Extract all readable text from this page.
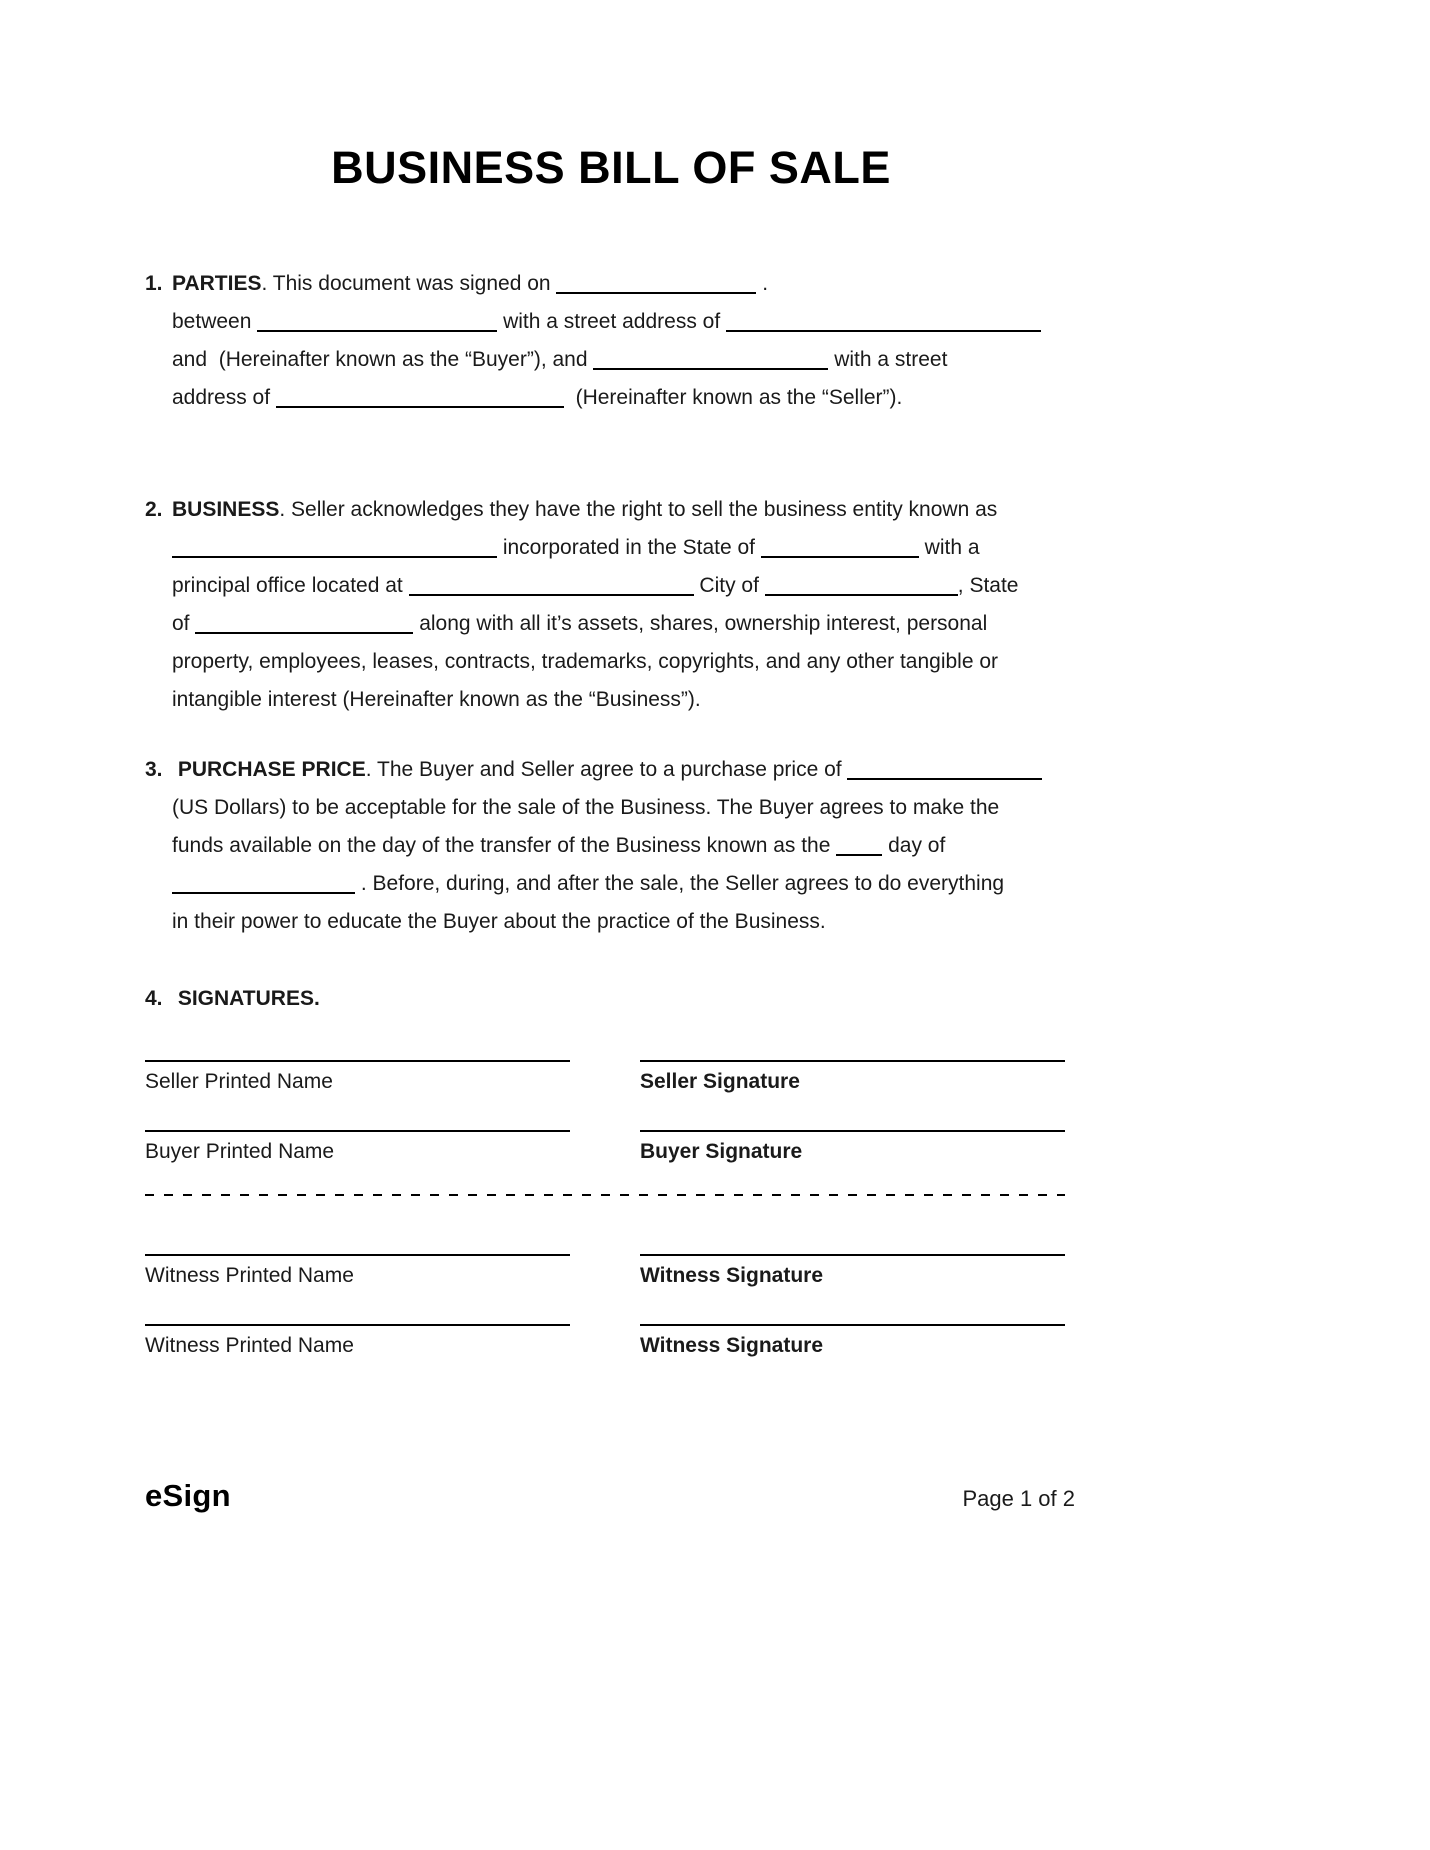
BUSINESS BILL OF SALE
1. PARTIES. This document was signed on	.
between	with a street address of
and  (Hereinafter known as the “Buyer”), and	with a street
address of	(Hereinafter known as the “Seller”).
2. BUSINESS. Seller acknowledges they have the right to sell the business entity known as
incorporated in the State of	with a
principal office located at	City of	, State
of	along with all it’s assets, shares, ownership interest, personal
property, employees, leases, contracts, trademarks, copyrights, and any other tangible or
intangible interest (Hereinafter known as the “Business”).
3. PURCHASE PRICE. The Buyer and Seller agree to a purchase price of
(US Dollars) to be acceptable for the sale of the Business. The Buyer agrees to make the
funds available on the day of the transfer of the Business known as the  day of
. Before, during, and after the sale, the Seller agrees to do everything
in their power to educate the Buyer about the practice of the Business.
4. SIGNATURES.
Seller Printed Name	Seller Signature
Buyer Printed Name	Buyer Signature
Witness Printed Name	Witness Signature
Witness Printed Name	Witness Signature
eSign	Page 1 of 2
